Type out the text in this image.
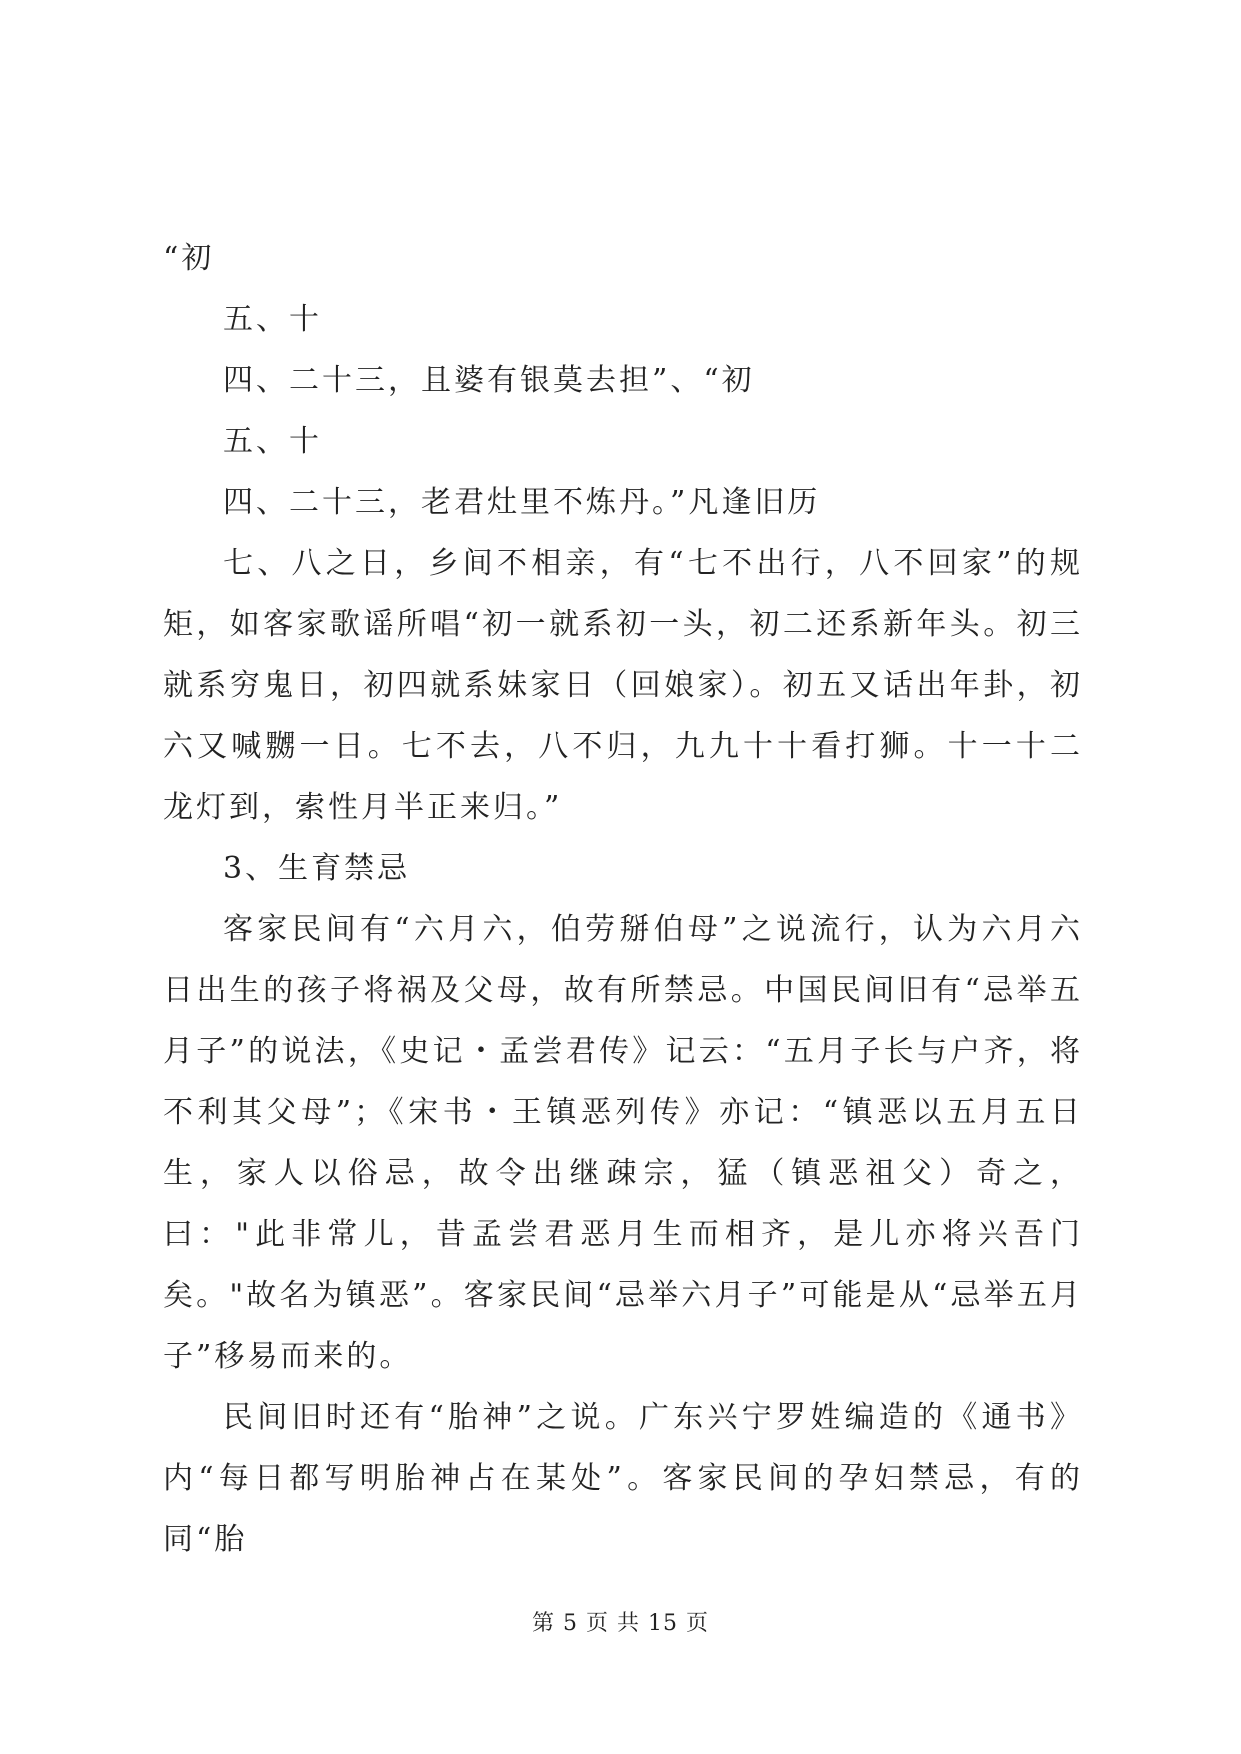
“初

五、十

四、二十三，且婆有银莫去担”、“初

五、十

四、二十三，老君灶里不炼丹。”凡逢旧历

七、八之日，乡间不相亲，有“七不出行，八不回家”的规矩，如客家歌谣所唱“初一就系初一头，初二还系新年头。初三就系穷鬼日，初四就系妹家日（回娘家）。初五又话出年卦，初六又喊嬲一日。七不去，八不归，九九十十看打狮。十一十二龙灯到，索性月半正来归。”

3、生育禁忌

客家民间有“六月六，伯劳掰伯母”之说流行，认为六月六日出生的孩子将祸及父母，故有所禁忌。中国民间旧有“忌举五月子”的说法，《史记・孟尝君传》记云：“五月子长与户齐，将不利其父母”；《宋书・王镇恶列传》亦记：“镇恶以五月五日生，家人以俗忌，故令出继疎宗，猛（镇恶祖父）奇之，曰："此非常儿，昔孟尝君恶月生而相齐，是儿亦将兴吾门矣。"故名为镇恶”。客家民间“忌举六月子”可能是从“忌举五月子”移易而来的。

民间旧时还有“胎神”之说。广东兴宁罗姓编造的《通书》内“每日都写明胎神占在某处”。客家民间的孕妇禁忌，有的同“胎

第 5 页 共 15 页
